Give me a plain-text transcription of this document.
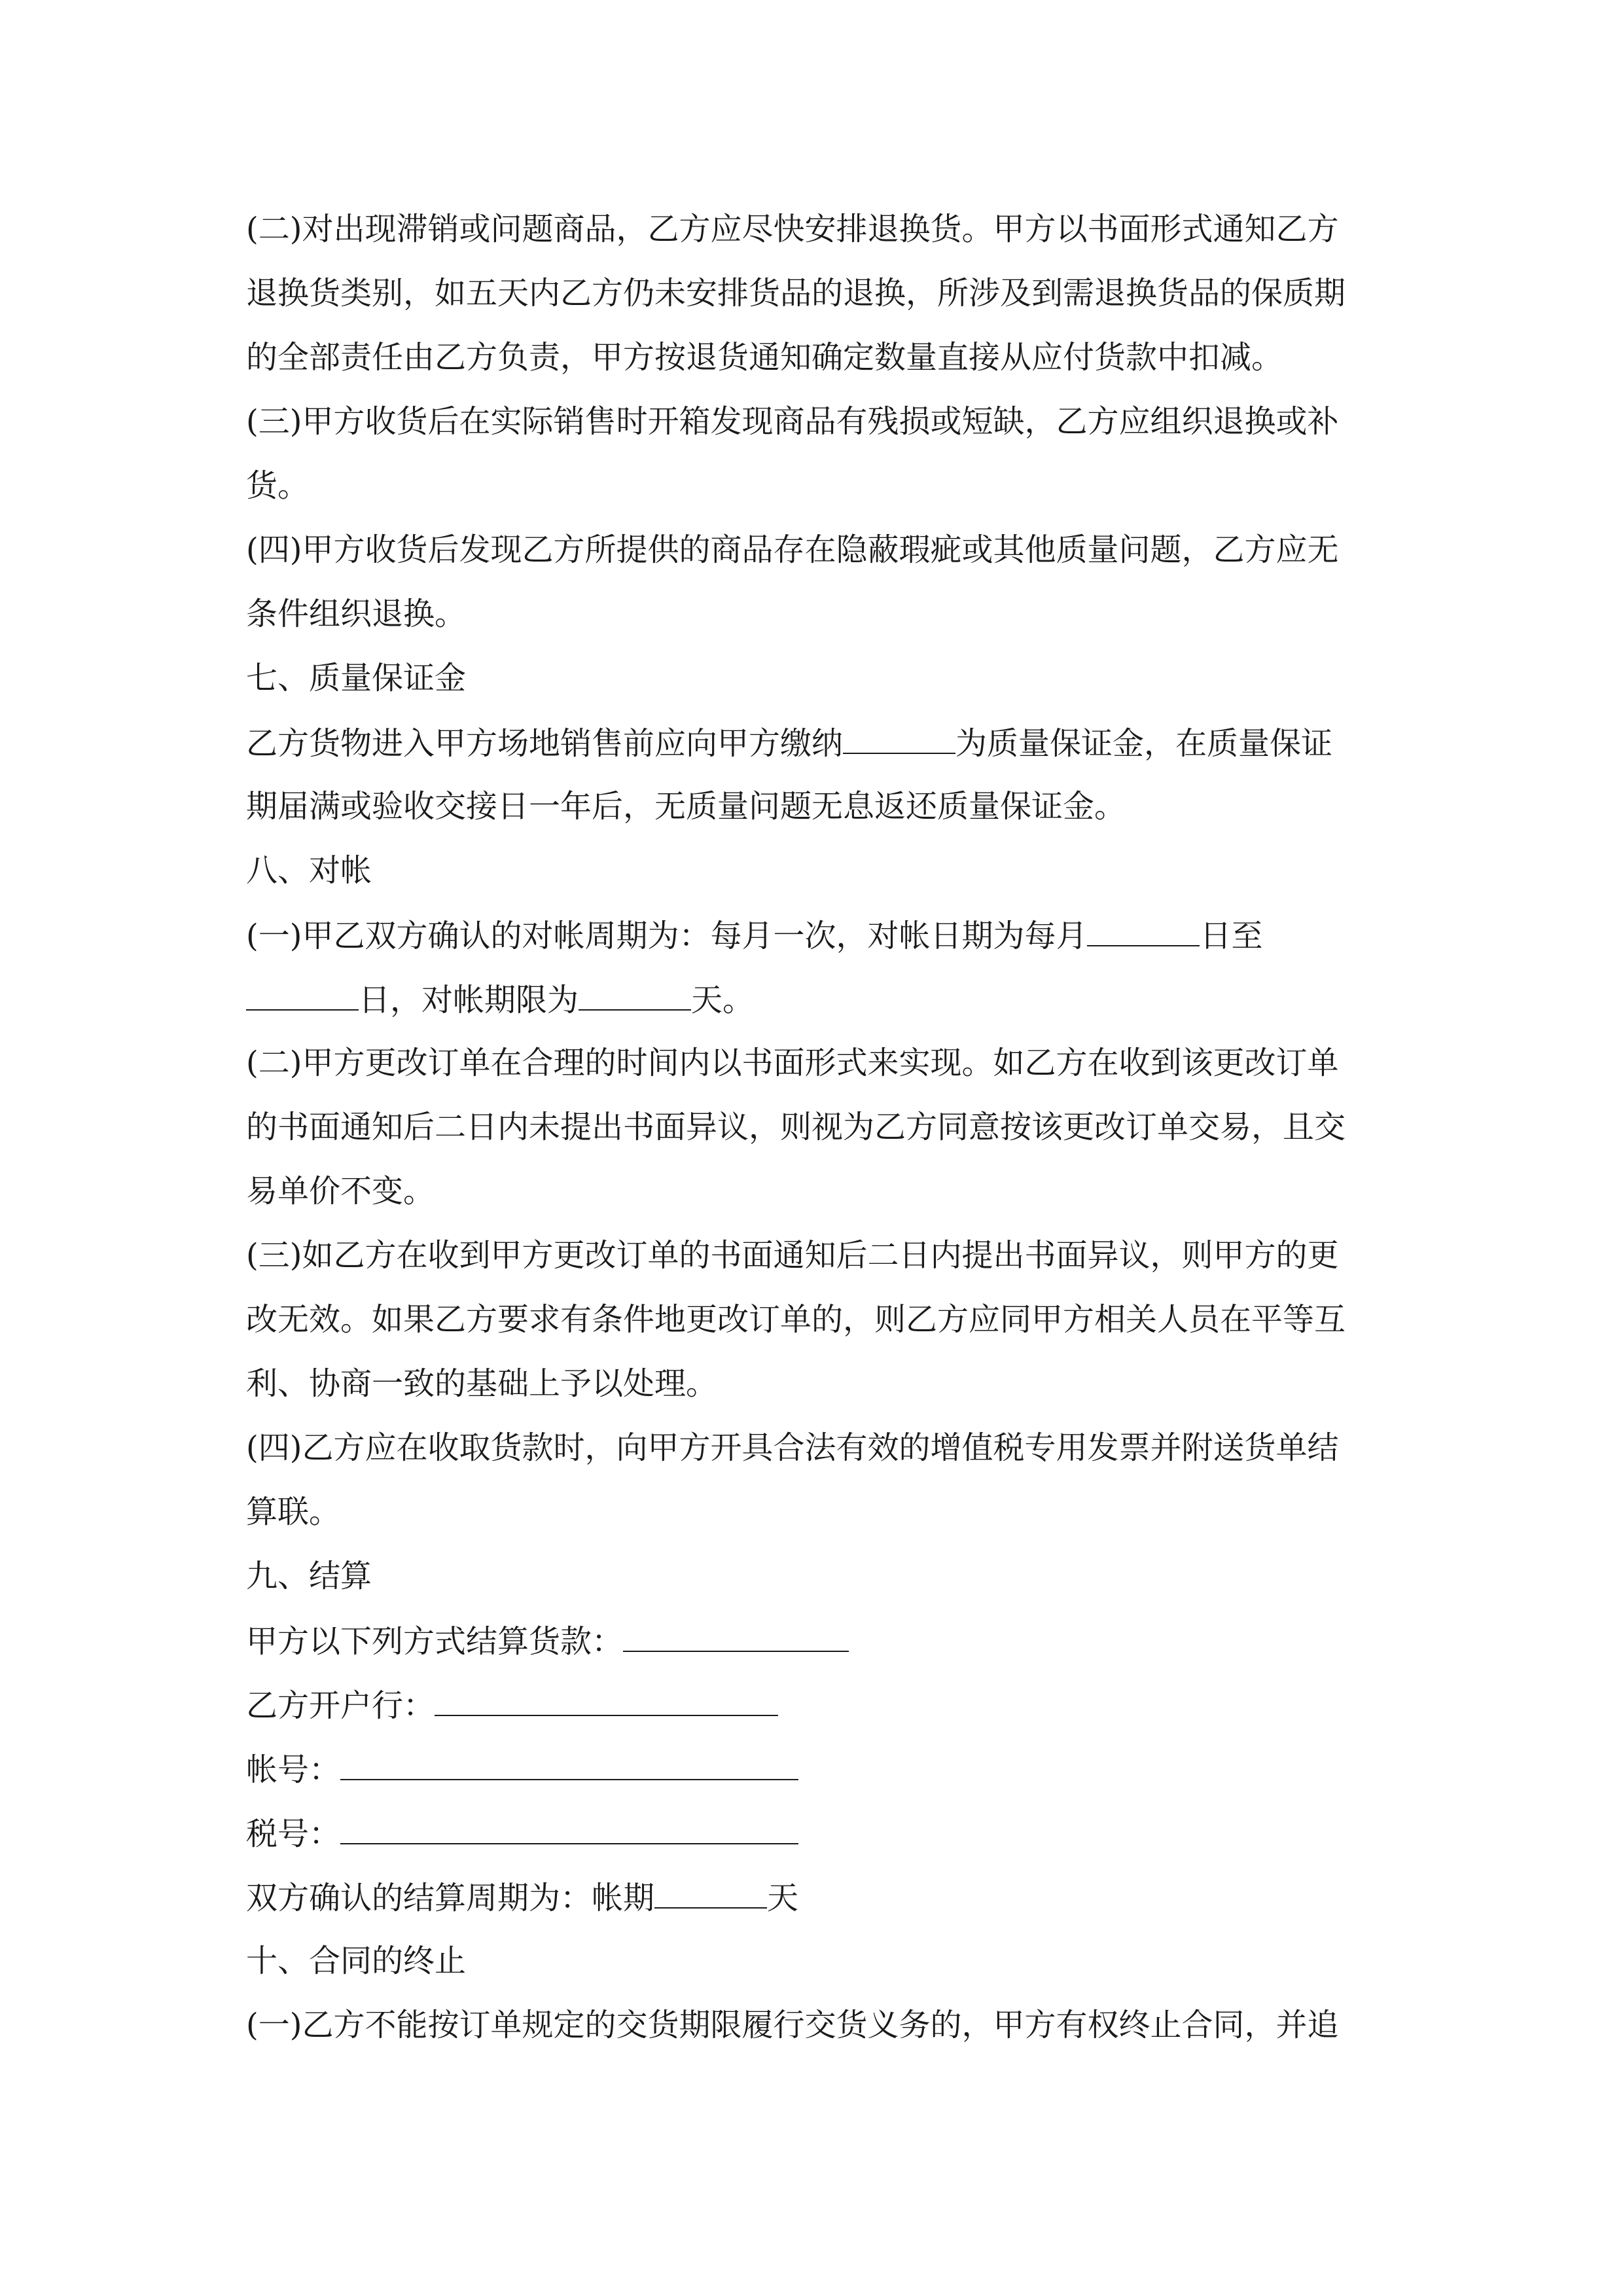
(二)对出现滞销或问题商品，乙方应尽快安排退换货。甲方以书面形式通知乙方
退换货类别，如五天内乙方仍未安排货品的退换，所涉及到需退换货品的保质期
的全部责任由乙方负责，甲方按退货通知确定数量直接从应付货款中扣减。
(三)甲方收货后在实际销售时开箱发现商品有残损或短缺，乙方应组织退换或补
货。
(四)甲方收货后发现乙方所提供的商品存在隐蔽瑕疵或其他质量问题，乙方应无
条件组织退换。
七、质量保证金
乙方货物进入甲方场地销售前应向甲方缴纳	为质量保证金，在质量保证
期届满或验收交接日一年后，无质量问题无息返还质量保证金。
八、对帐
(一)甲乙双方确认的对帐周期为：每月一次，对帐日期为每月	日至
日，对帐期限为	天。
(二)甲方更改订单在合理的时间内以书面形式来实现。如乙方在收到该更改订单
的书面通知后二日内未提出书面异议，则视为乙方同意按该更改订单交易，且交
易单价不变。
(三)如乙方在收到甲方更改订单的书面通知后二日内提出书面异议，则甲方的更
改无效。如果乙方要求有条件地更改订单的，则乙方应同甲方相关人员在平等互
利、协商一致的基础上予以处理。
(四)乙方应在收取货款时，向甲方开具合法有效的增值税专用发票并附送货单结
算联。
九、结算
甲方以下列方式结算货款：
乙方开户行：
帐号：
税号：
双方确认的结算周期为：帐期	天
十、合同的终止
(一)乙方不能按订单规定的交货期限履行交货义务的，甲方有权终止合同，并追
